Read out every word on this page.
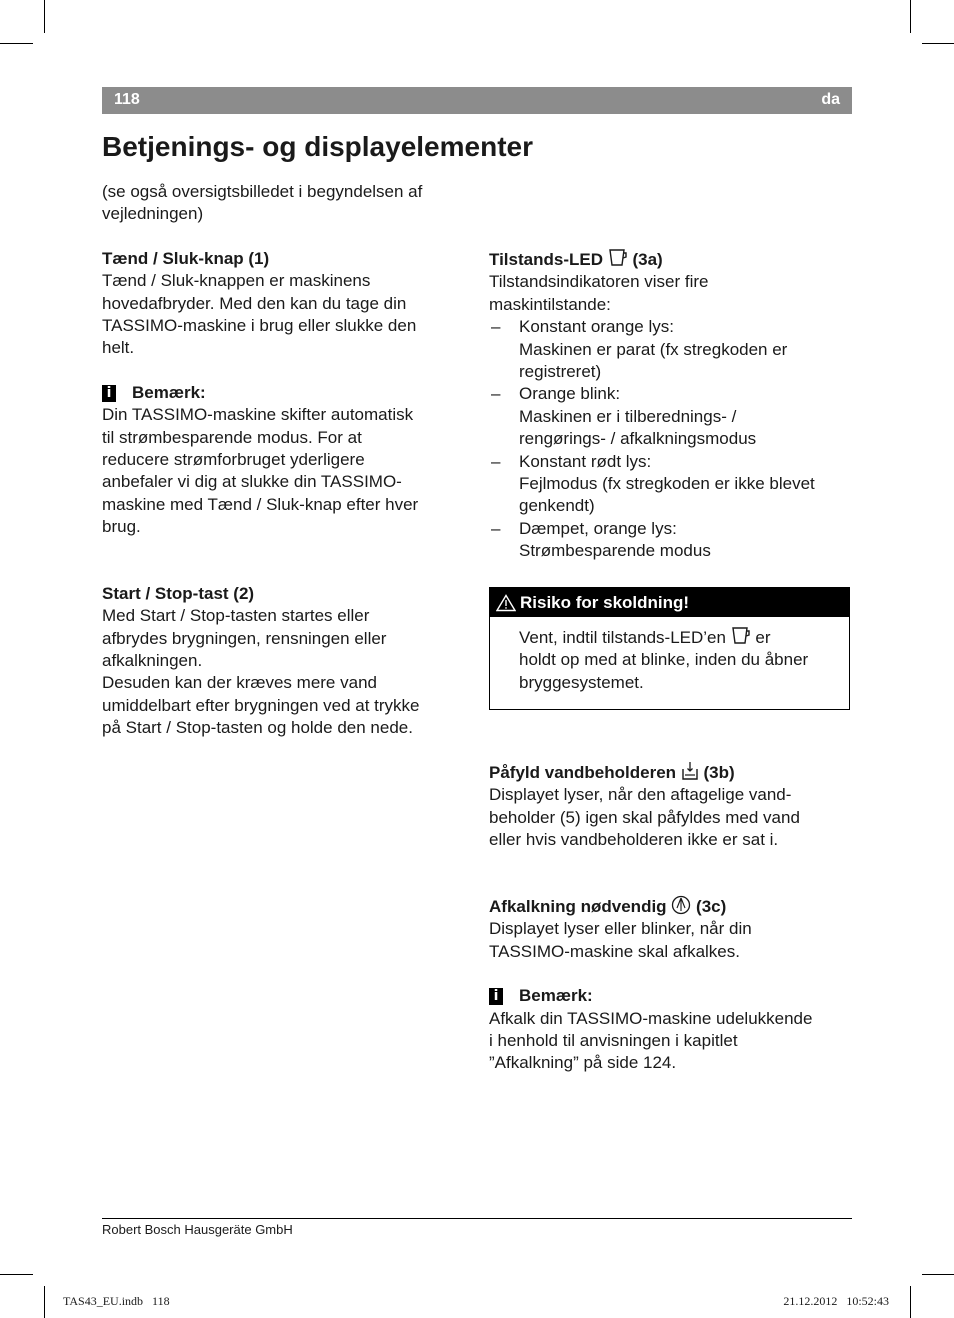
118	da
Betjenings- og displayelementer

(se også oversigtsbilledet i begyndelsen af
vejledningen)

Tænd / Sluk-knap (1)

Tænd / Sluk-knappen er maskinens
hovedafbryder. Med den kan du tage din
TASSIMO-maskine i brug eller slukke den
helt.

i Bemærk:

Din TASSIMO-maskine skifter automatisk
til strømbesparende modus. For at
reducere strømforbruget yderligere
anbefaler vi dig at slukke din TASSIMO-
maskine med Tænd / Sluk-knap efter hver
brug.

Start / Stop-tast (2)

Med Start / Stop-tasten startes eller
afbrydes brygningen, rensningen eller
afkalkningen.
Desuden kan der kræves mere vand
umiddelbart efter brygningen ved at trykke
på Start / Stop-tasten og holde den nede.

Tilstands-LED (3a)

Tilstandsindikatoren viser fire
maskintilstande:

– Konstant orange lys:
Maskinen er parat (fx stregkoden er
registreret)
– Orange blink:
Maskinen er i tilberednings- /
rengørings- / afkalkningsmodus
– Konstant rødt lys:
Fejlmodus (fx stregkoden er ikke blevet
genkendt)
– Dæmpet, orange lys:
Strømbesparende modus
Risiko for skoldning!
Vent, indtil tilstands-LED’en er
holdt op med at blinke, inden du åbner
bryggesystemet.

Påfyld vandbeholderen (3b)

Displayet lyser, når den aftagelige vand-
beholder (5) igen skal påfyldes med vand
eller hvis vandbeholderen ikke er sat i.

Afkalkning nødvendig (3c)

Displayet lyser eller blinker, når din
TASSIMO-maskine skal afkalkes.

i Bemærk:

Afkalk din TASSIMO-maskine udelukkende
i henhold til anvisningen i kapitlet
”Afkalkning” på side 124.

Robert Bosch Hausgeräte GmbH
TAS43_EU.indb   118	21.12.2012   10:52:43
